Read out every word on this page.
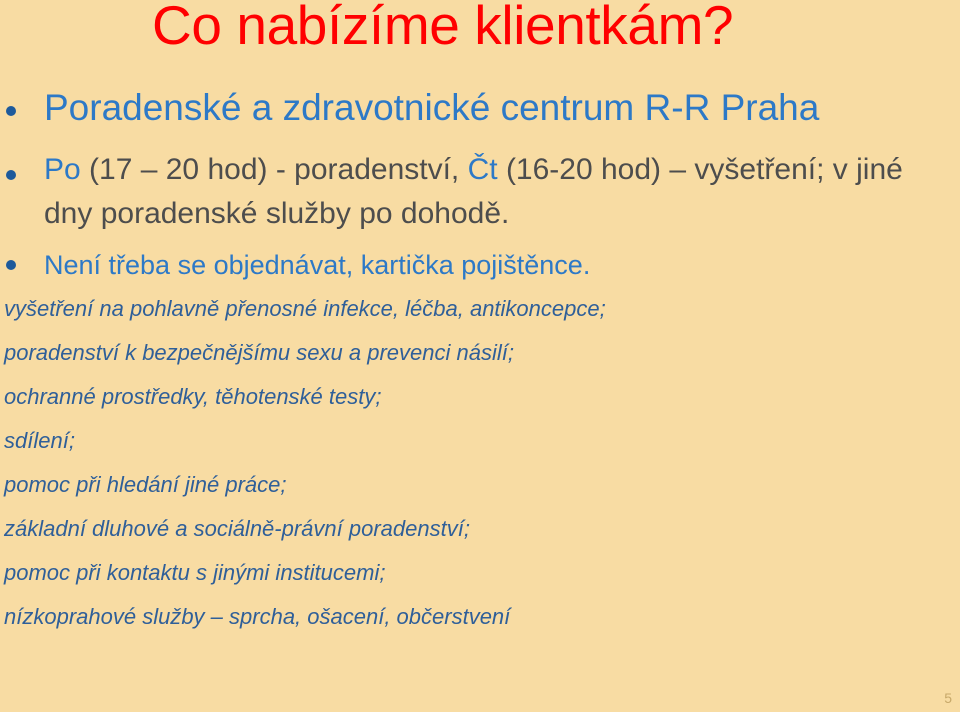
Co nabízíme klientkám?
Poradenské a zdravotnické centrum R-R Praha
Po (17 – 20 hod) - poradenství, Čt (16-20 hod) – vyšetření; v jiné dny poradenské služby po dohodě.
Není třeba se objednávat, kartička pojištěnce.
vyšetření na pohlavně přenosné infekce, léčba, antikoncepce;
poradenství k bezpečnějšímu sexu a prevenci násilí;
ochranné prostředky, těhotenské testy;
sdílení;
pomoc při hledání jiné práce;
základní dluhové a sociálně-právní poradenství;
pomoc při kontaktu s jinými institucemi;
nízkoprahové služby – sprcha, ošacení, občerstvení
5
